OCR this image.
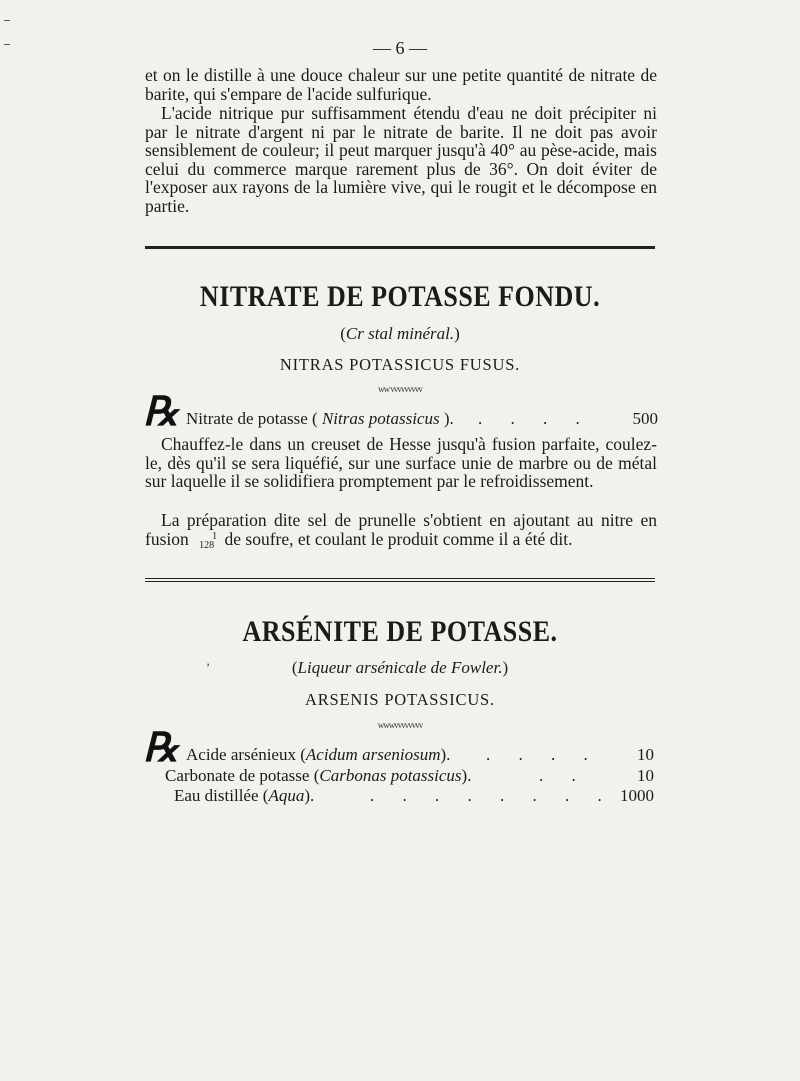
— 6 —
et on le distille à une douce chaleur sur une petite quantité de nitrate de barite, qui s'empare de l'acide sulfurique.
L'acide nitrique pur suffisamment étendu d'eau ne doit précipiter ni par le nitrate d'argent ni par le nitrate de barite. Il ne doit pas avoir sensiblement de couleur; il peut marquer jusqu'à 40° au pèse-acide, mais celui du commerce marque rarement plus de 36°. On doit éviter de l'exposer aux rayons de la lumière vive, qui le rougit et le décompose en partie.
NITRATE DE POTASSE FONDU.
(Cr stal minéral.)
NITRAS POTASSICUS FUSUS.
ww vvvvvvvvv
℞ Nitrate de potasse ( Nitras potassicus ). . . . . 500
Chauffez-le dans un creuset de Hesse jusqu'à fusion parfaite, coulez-le, dès qu'il se sera liquéfié, sur une surface unie de marbre ou de métal sur laquelle il se solidifiera promptement par le refroidissement.
La préparation dite sel de prunelle s'obtient en ajoutant au nitre en fusion 1
128 de soufre, et coulant le produit comme il a été dit.
ARSÉNITE DE POTASSE.
(Liqueur arsénicale de Fowler.)
ʼ
ARSENIS POTASSICUS.
wwwvvvvvvvv
℞ Acide arsénieux (Acidum arseniosum). . . . . 10
Carbonate de potasse (Carbonas potassicus).	. .	10
Eau distillée (Aqua).	. . . . . . . . 1000
